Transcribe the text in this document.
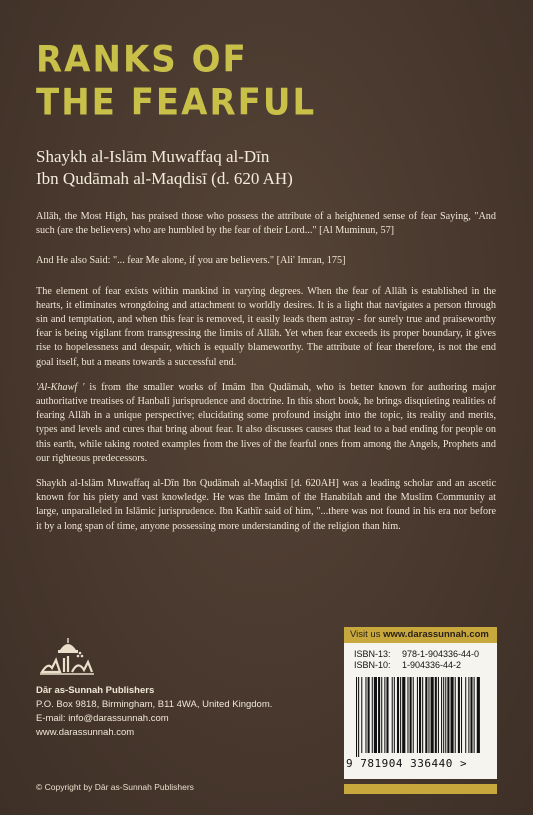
RANKS OF
THE FEARFUL
Shaykh al-Islām Muwaffaq al-Dīn
Ibn Qudāmah al-Maqdisī (d. 620 AH)

Allāh, the Most High, has praised those who possess the attribute of a heightened sense of fear Saying, "And such (are the believers) who are humbled by the fear of their Lord..." [Al Muminun, 57]

And He also Said: "... fear Me alone, if you are believers." [Ali' Imran, 175]

The element of fear exists within mankind in varying degrees. When the fear of Allāh is established in the hearts, it eliminates wrongdoing and attachment to worldly desires. It is a light that navigates a person through sin and temptation, and when this fear is removed, it easily leads them astray - for surely true and praiseworthy fear is being vigilant from transgressing the limits of Allāh. Yet when fear exceeds its proper boundary, it gives rise to hopelessness and despair, which is equally blameworthy. The attribute of fear therefore, is not the end goal itself, but a means towards a successful end.

'Al-Khawf ' is from the smaller works of Imām Ibn Qudāmah, who is better known for authoring major authoritative treatises of Hanbali jurisprudence and doctrine. In this short book, he brings disquieting realities of fearing Allāh in a unique perspective; elucidating some profound insight into the topic, its reality and merits, types and levels and cures that bring about fear. It also discusses causes that lead to a bad ending for people on this earth, while taking rooted examples from the lives of the fearful ones from among the Angels, Prophets and our righteous predecessors.

Shaykh al-Islām Muwaffaq al-Dīn Ibn Qudāmah al-Maqdisī [d. 620AH] was a leading scholar and an ascetic known for his piety and vast knowledge. He was the Imām of the Hanabilah and the Muslim Community at large, unparalleled in Islāmic jurisprudence. Ibn Kathīr said of him, "...there was not found in his era nor before it by a long span of time, anyone possessing more understanding of the religion than him.

Dār as-Sunnah Publishers
P.O. Box 9818, Birmingham, B11 4WA, United Kingdom.
E-mail: info@darassunnah.com
www.darassunnah.com
© Copyright by Dār as-Sunnah Publishers
Visit us www.darassunnah.com
ISBN-13: 978-1-904336-44-0
ISBN-10: 1-904336-44-2
9 781904 336440 >
